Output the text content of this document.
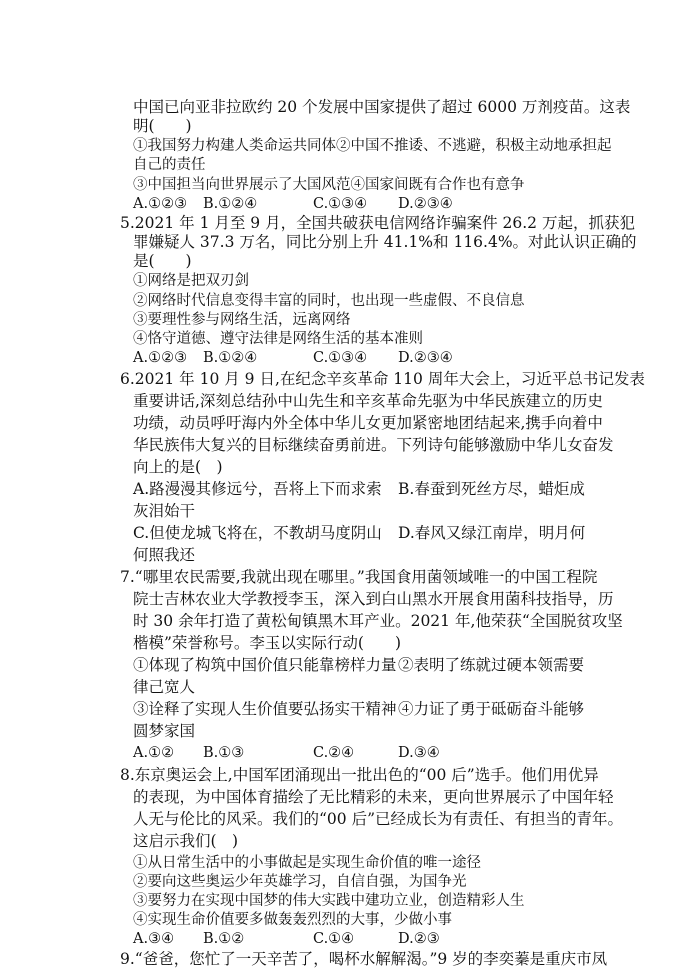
中国已向亚非拉欧约 20 个发展中国家提供了超过 6000 万剂疫苗。这表
明(　　)
①我国努力构建人类命运共同体②中国不推诿、不逃避，积极主动地承担起
自己的责任
③中国担当向世界展示了大国风范④国家间既有合作也有意争
A.①②③ B.①②④	C.①③④ D.②③④
5.2021 年 1 月至 9 月，全国共破获电信网络诈骗案件 26.2 万起，抓获犯
罪嫌疑人 37.3 万名，同比分别上升 41.1%和 116.4%。对此认识正确的
是(　　)
①网络是把双刃剑
②网络时代信息变得丰富的同时，也出现一些虚假、不良信息
③要理性参与网络生活，远离网络
④恪守道德、遵守法律是网络生活的基本准则
A.①②③ B.①②④	C.①③④ D.②③④
6.2021 年 10 月 9 日,在纪念辛亥革命 110 周年大会上，习近平总书记发表
重要讲话,深刻总结孙中山先生和辛亥革命先驱为中华民族建立的历史
功绩，动员呼吁海内外全体中华儿女更加紧密地团结起来,携手向着中
华民族伟大复兴的目标继续奋勇前进。下列诗句能够激励中华儿女奋发
向上的是(　)
A.路漫漫其修远兮，吾将上下而求索 B.春蚕到死丝方尽，蜡炬成
灰泪始干
C.但使龙城飞将在，不教胡马度阴山 D.春风又绿江南岸，明月何
何照我还
7.“哪里农民需要,我就出现在哪里。”我国食用菌领域唯一的中国工程院
院士吉林农业大学教授李玉，深入到白山黑水开展食用菌科技指导，历
时 30 余年打造了黄松甸镇黑木耳产业。2021 年,他荣获“全国脱贫攻坚
楷模”荣誉称号。李玉以实际行动(　　)
①体现了构筑中国价值只能靠榜样力量 ②表明了练就过硬本领需要
律己宽人
③诠释了实现人生价值要弘扬实干精神 ④力证了勇于砥砺奋斗能够
圆梦家国
A.①② B.①③	C.②④	D.③④
8.东京奥运会上,中国军团涌现出一批出色的“00 后”选手。他们用优异
的表现，为中国体育描绘了无比精彩的未来，更向世界展示了中国年轻
人无与伦比的风采。我们的“00 后”已经成长为有责任、有担当的青年。
这启示我们(　)
①从日常生活中的小事做起是实现生命价值的唯一途径
②要向这些奥运少年英雄学习，自信自强，为国争光
③要努力在实现中国梦的伟大实践中建功立业，创造精彩人生
④实现生命价值要多做轰轰烈烈的大事，少做小事
A.③④ B.①②	C.①④	D.②③
9.“爸爸，您忙了一天辛苦了，喝杯水解解渴。”9 岁的李奕蓁是重庆市凤
